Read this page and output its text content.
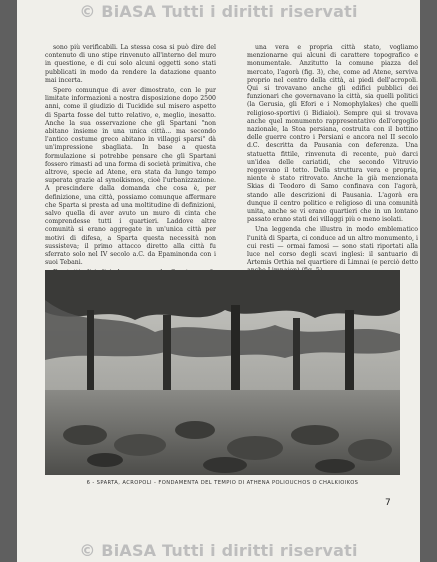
© BiASA Tutti i diritti riservati

sono più verificabili. La stessa cosa si può dire del contenuto di uno stipe rinvenuto all'interno del muro in questione, e di cui solo alcuni oggetti sono stati pubblicati in modo da rendere la datazione quanto mai incerta.

Spero comunque di aver dimostrato, con le pur limitate informazioni a nostra disposizione dopo 2500 anni, come il giudizio di Tucidide sul misero aspetto di Sparta fosse del tutto relativo, e, meglio, inesatto. Anche la sua osservazione che gli Spartani "non abitano insieme in una unica città... ma secondo l'antico costume greco abitano in villaggi sparsi" dà un'impressione sbagliata. In base a questa formulazione si potrebbe pensare che gli Spartani fossero rimasti ad una forma di società primitiva, che altrove, specie ad Atene, era stata da lungo tempo superata grazie al synoikismos, cioè l'urbanizzazione. A prescindere dalla domanda che cosa è, per definizione, una città, possiamo comunque affermare che Sparta si presta ad una moltitudine di definizioni, salvo quella di aver avuto un muro di cinta che comprendesse tutti i quartieri. Laddove altre comunità si erano aggregate in un'unica città per motivi di difesa, a Sparta questa necessità non sussisteva; il primo attacco diretto alla città fu sferrato solo nel IV secolo a.C. da Epaminonda con i suoi Tebani.

una vera e propria città stato, vogliamo menzionarne qui alcuni di carattere topografico e monumentale. Anzitutto la comune piazza del mercato, l'agorà (fig. 3), che, come ad Atene, serviva proprio nel centro della città, ai piedi dell'acropoli. Qui si trovavano anche gli edifici pubblici dei funzionari che governavano la città, sia quelli politici (la Gerusia, gli Efori e i Nomophylakes) che quelli religioso-sportivi (i Bidiaioi). Sempre qui si trovava anche quel monumento rappresentativo dell'orgoglio nazionale, la Stoa persiana, costruita con il bottino delle guerre contro i Persiani e ancora nel II secolo d.C. descritta da Pausania con deferenza. Una statuetta fittile, rinvenuta di recente, può darci un'idea delle cariatidi, che secondo Vitruvio reggevano il tetto. Della struttura vera e propria, niente è stato ritrovato. Anche la già menzionata Skias di Teodoro di Samo confinava con l'agorà, stando alle descrizioni di Pausania. L'agorà era dunque il centro politico e religioso di una comunità unita, anche se vi erano quartieri che in un lontano passato erano stati dei villaggi più o meno isolati.

Una leggenda che illustra in modo emblematico l'unità di Sparta, ci conduce ad un altro monumento, i cui resti — ormai famosi — sono stati riportati alla luce nel corso degli scavi inglesi: il santuario di Artemis Orthia nel quartiere di Limnai (e perciò detto

6 - SPARTA, ACROPOLI - FONDAMENTA DEL TEMPIO DI ATHENA POLIOUCHOS O CHALKIOIKOS
7
© BiASA Tutti i diritti riservati
